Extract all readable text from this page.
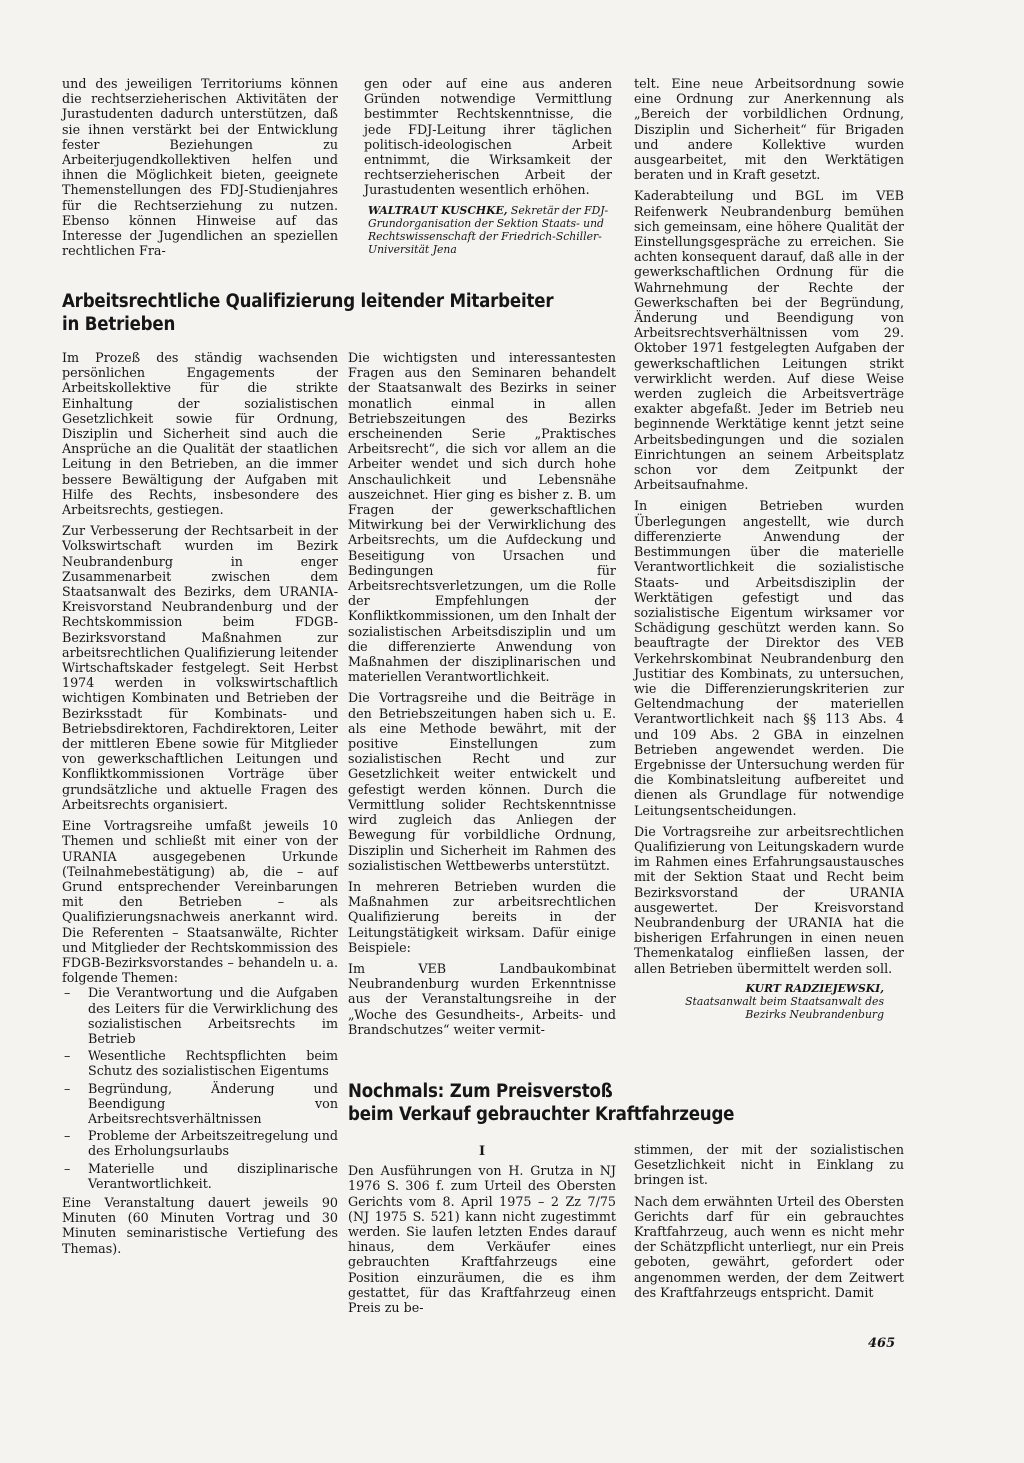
und des jeweiligen Territoriums können die rechtserzieherischen Aktivitäten der Jurastudenten dadurch unterstützen, daß sie ihnen verstärkt bei der Entwicklung fester Beziehungen zu Arbeiterjugendkollektiven helfen und ihnen die Möglichkeit bieten, geeignete Themenstellungen des FDJ-Studienjahres für die Rechtserziehung zu nutzen. Ebenso können Hinweise auf das Interesse der Jugendlichen an speziellen rechtlichen Fra-

gen oder auf eine aus anderen Gründen notwendige Vermittlung bestimmter Rechtskenntnisse, die jede FDJ-Leitung ihrer täglichen politisch-ideologischen Arbeit entnimmt, die Wirksamkeit der rechtserzieherischen Arbeit der Jurastudenten wesentlich erhöhen.

WALTRAUT KUSCHKE, Sekretär der FDJ-Grundorganisation der Sektion Staats- und Rechtswissenschaft der Friedrich-Schiller-Universität Jena
Arbeitsrechtliche Qualifizierung leitender Mitarbeiter
in Betrieben

Im Prozeß des ständig wachsenden persönlichen Engagements der Arbeitskollektive für die strikte Einhaltung der sozialistischen Gesetzlichkeit sowie für Ordnung, Disziplin und Sicherheit sind auch die Ansprüche an die Qualität der staatlichen Leitung in den Betrieben, an die immer bessere Bewältigung der Aufgaben mit Hilfe des Rechts, insbesondere des Arbeitsrechts, gestiegen.

Zur Verbesserung der Rechtsarbeit in der Volkswirtschaft wurden im Bezirk Neubrandenburg in enger Zusammenarbeit zwischen dem Staatsanwalt des Bezirks, dem URANIA-Kreisvorstand Neubrandenburg und der Rechtskommission beim FDGB-Bezirksvorstand Maßnahmen zur arbeitsrechtlichen Qualifizierung leitender Wirtschaftskader festgelegt. Seit Herbst 1974 werden in volkswirtschaftlich wichtigen Kombinaten und Betrieben der Bezirksstadt für Kombinats- und Betriebsdirektoren, Fachdirektoren, Leiter der mittleren Ebene sowie für Mitglieder von gewerkschaftlichen Leitungen und Konfliktkommissionen Vorträge über grundsätzliche und aktuelle Fragen des Arbeitsrechts organisiert.

Eine Vortragsreihe umfaßt jeweils 10 Themen und schließt mit einer von der URANIA ausgegebenen Urkunde (Teilnahmebestätigung) ab, die – auf Grund entsprechender Vereinbarungen mit den Betrieben – als Qualifizierungsnachweis anerkannt wird. Die Referenten – Staatsanwälte, Richter und Mitglieder der Rechtskommission des FDGB-Bezirksvorstandes – behandeln u. a. folgende Themen:

– Die Verantwortung und die Aufgaben des Leiters für die Verwirklichung des sozialistischen Arbeitsrechts im Betrieb
– Wesentliche Rechtspflichten beim Schutz des sozialistischen Eigentums
– Begründung, Änderung und Beendigung von Arbeitsrechtsverhältnissen
– Probleme der Arbeitszeitregelung und des Erholungsurlaubs
– Materielle und disziplinarische Verantwortlichkeit.

Eine Veranstaltung dauert jeweils 90 Minuten (60 Minuten Vortrag und 30 Minuten seminaristische Vertiefung des Themas).

Die wichtigsten und interessantesten Fragen aus den Seminaren behandelt der Staatsanwalt des Bezirks in seiner monatlich einmal in allen Betriebszeitungen des Bezirks erscheinenden Serie „Praktisches Arbeitsrecht“, die sich vor allem an die Arbeiter wendet und sich durch hohe Anschaulichkeit und Lebensnähe auszeichnet. Hier ging es bisher z. B. um Fragen der gewerkschaftlichen Mitwirkung bei der Verwirklichung des Arbeitsrechts, um die Aufdeckung und Beseitigung von Ursachen und Bedingungen für Arbeitsrechtsverletzungen, um die Rolle der Empfehlungen der Konfliktkommissionen, um den Inhalt der sozialistischen Arbeitsdisziplin und um die differenzierte Anwendung von Maßnahmen der disziplinarischen und materiellen Verantwortlichkeit.

Die Vortragsreihe und die Beiträge in den Betriebszeitungen haben sich u. E. als eine Methode bewährt, mit der positive Einstellungen zum sozialistischen Recht und zur Gesetzlichkeit weiter entwickelt und gefestigt werden können. Durch die Vermittlung solider Rechtskenntnisse wird zugleich das Anliegen der Bewegung für vorbildliche Ordnung, Disziplin und Sicherheit im Rahmen des sozialistischen Wettbewerbs unterstützt.

In mehreren Betrieben wurden die Maßnahmen zur arbeitsrechtlichen Qualifizierung bereits in der Leitungstätigkeit wirksam. Dafür einige Beispiele:

Im VEB Landbaukombinat Neubrandenburg wurden Erkenntnisse aus der Veranstaltungsreihe in der „Woche des Gesundheits-, Arbeits- und Brandschutzes“ weiter vermit-

telt. Eine neue Arbeitsordnung sowie eine Ordnung zur Anerkennung als „Bereich der vorbildlichen Ordnung, Disziplin und Sicherheit“ für Brigaden und andere Kollektive wurden ausgearbeitet, mit den Werktätigen beraten und in Kraft gesetzt.

Kaderabteilung und BGL im VEB Reifenwerk Neubrandenburg bemühen sich gemeinsam, eine höhere Qualität der Einstellungsgespräche zu erreichen. Sie achten konsequent darauf, daß alle in der gewerkschaftlichen Ordnung für die Wahrnehmung der Rechte der Gewerkschaften bei der Begründung, Änderung und Beendigung von Arbeitsrechtsverhältnissen vom 29. Oktober 1971 festgelegten Aufgaben der gewerkschaftlichen Leitungen strikt verwirklicht werden. Auf diese Weise werden zugleich die Arbeitsverträge exakter abgefaßt. Jeder im Betrieb neu beginnende Werktätige kennt jetzt seine Arbeitsbedingungen und die sozialen Einrichtungen an seinem Arbeitsplatz schon vor dem Zeitpunkt der Arbeitsaufnahme.

In einigen Betrieben wurden Überlegungen angestellt, wie durch differenzierte Anwendung der Bestimmungen über die materielle Verantwortlichkeit die sozialistische Staats- und Arbeitsdisziplin der Werktätigen gefestigt und das sozialistische Eigentum wirksamer vor Schädigung geschützt werden kann. So beauftragte der Direktor des VEB Verkehrskombinat Neubrandenburg den Justitiar des Kombinats, zu untersuchen, wie die Differenzierungskriterien zur Geltendmachung der materiellen Verantwortlichkeit nach §§ 113 Abs. 4 und 109 Abs. 2 GBA in einzelnen Betrieben angewendet werden. Die Ergebnisse der Untersuchung werden für die Kombinatsleitung aufbereitet und dienen als Grundlage für notwendige Leitungsentscheidungen.

Die Vortragsreihe zur arbeitsrechtlichen Qualifizierung von Leitungskadern wurde im Rahmen eines Erfahrungsaustausches mit der Sektion Staat und Recht beim Bezirksvorstand der URANIA ausgewertet. Der Kreisvorstand Neubrandenburg der URANIA hat die bisherigen Erfahrungen in einen neuen Themenkatalog einfließen lassen, der allen Betrieben übermittelt werden soll.

KURT RADZIEJEWSKI, Staatsanwalt beim Staatsanwalt des Bezirks Neubrandenburg
Nochmals: Zum Preisverstoß
beim Verkauf gebrauchter Kraftfahrzeuge
I

Den Ausführungen von H. Grutza in NJ 1976 S. 306 f. zum Urteil des Obersten Gerichts vom 8. April 1975 – 2 Zz 7/75 (NJ 1975 S. 521) kann nicht zugestimmt werden. Sie laufen letzten Endes darauf hinaus, dem Verkäufer eines gebrauchten Kraftfahrzeugs eine Position einzuräumen, die es ihm gestattet, für das Kraftfahrzeug einen Preis zu be-

stimmen, der mit der sozialistischen Gesetzlichkeit nicht in Einklang zu bringen ist.

Nach dem erwähnten Urteil des Obersten Gerichts darf für ein gebrauchtes Kraftfahrzeug, auch wenn es nicht mehr der Schätzpflicht unterliegt, nur ein Preis geboten, gewährt, gefordert oder angenommen werden, der dem Zeitwert des Kraftfahrzeugs entspricht. Damit

465
